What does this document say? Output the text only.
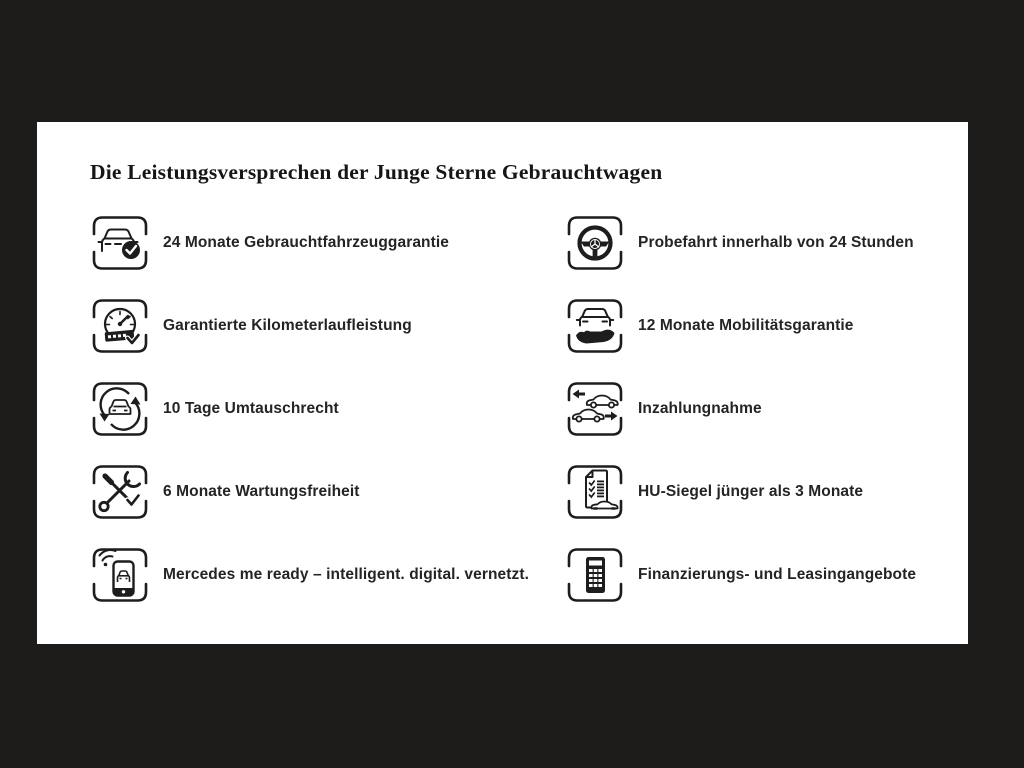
Die Leistungsversprechen der Junge Sterne Gebrauchtwagen
24 Monate Gebrauchtfahrzeuggarantie
Garantierte Kilometerlaufleistung
10 Tage Umtauschrecht
6 Monate Wartungsfreiheit
Mercedes me ready – intelligent. digital. vernetzt.
Probefahrt innerhalb von 24 Stunden
12 Monate Mobilitätsgarantie
Inzahlungnahme
HU-Siegel jünger als 3 Monate
Finanzierungs- und Leasingangebote
